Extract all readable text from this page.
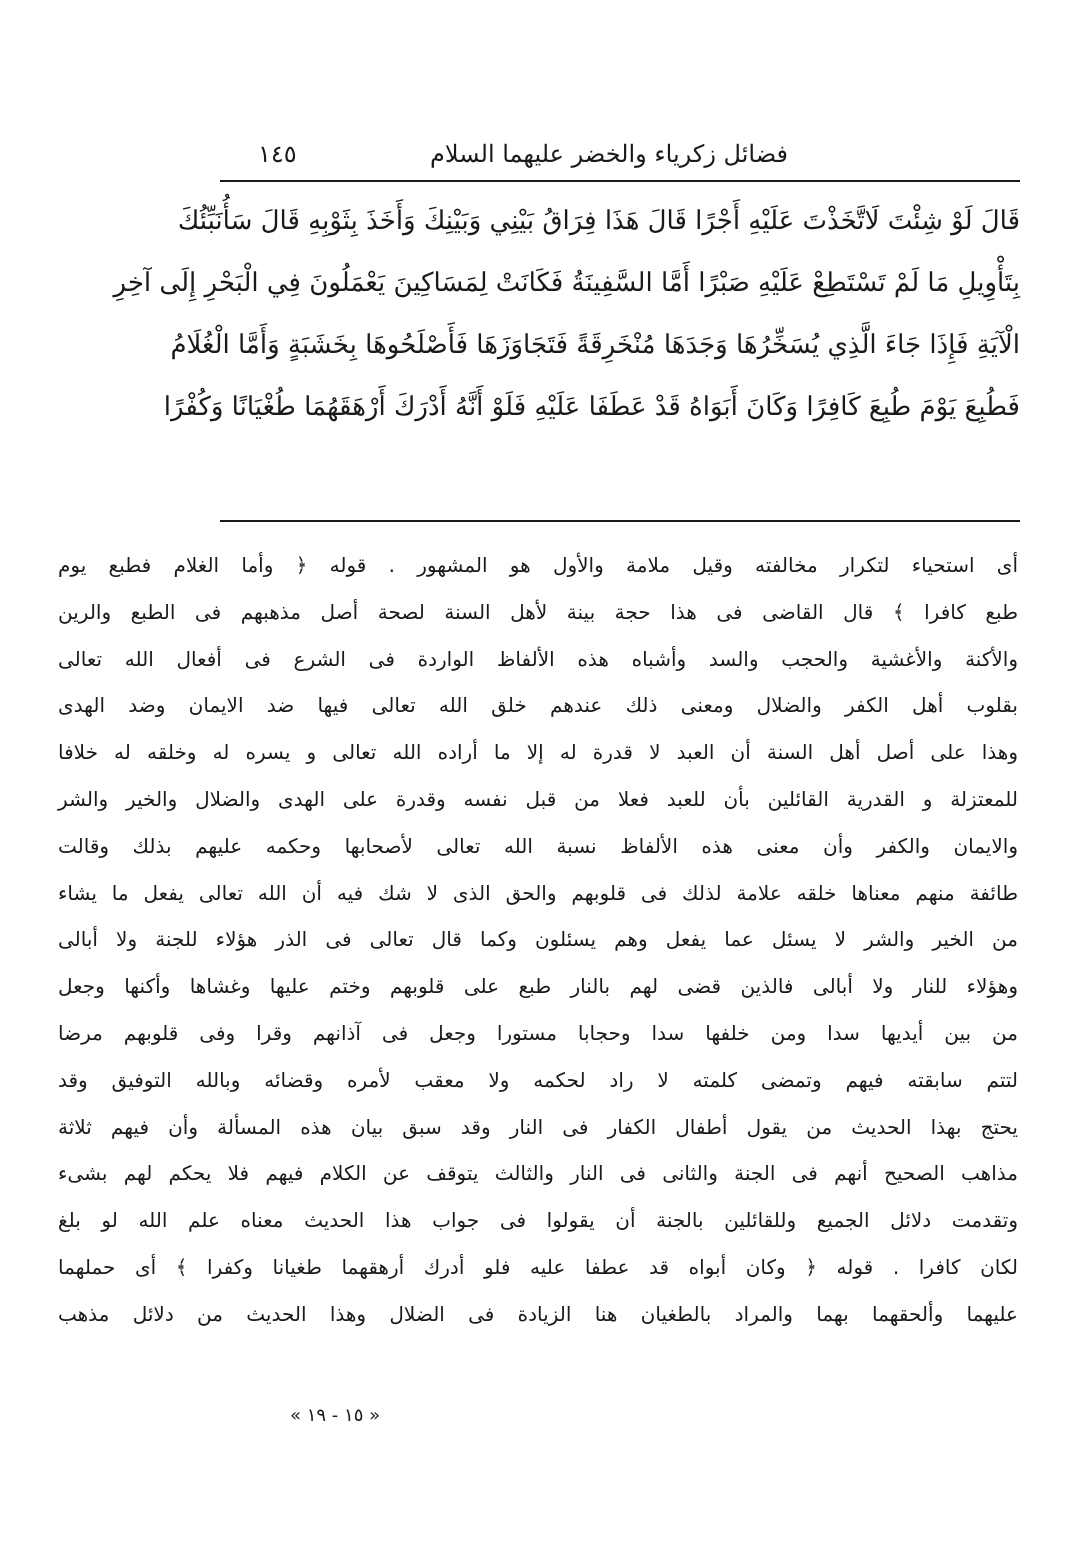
فضائل زكرياء والخضر عليهما السلام
١٤٥
قَالَ لَوْ شِئْتَ لَاتَّخَذْتَ عَلَيْهِ أَجْرًا قَالَ هَذَا فِرَاقُ بَيْنِي وَبَيْنِكَ وَأَخَذَ بِثَوْبِهِ قَالَ سَأُنَبِّئُكَ
بِتَأْوِيلِ مَا لَمْ تَسْتَطِعْ عَلَيْهِ صَبْرًا أَمَّا السَّفِينَةُ فَكَانَتْ لِمَسَاكِينَ يَعْمَلُونَ فِي الْبَحْرِ إِلَى آخِرِ
الْآيَةِ فَإِذَا جَاءَ الَّذِي يُسَخِّرُهَا وَجَدَهَا مُنْخَرِقَةً فَتَجَاوَزَهَا فَأَصْلَحُوهَا بِخَشَبَةٍ وَأَمَّا الْغُلَامُ
فَطُبِعَ يَوْمَ طُبِعَ كَافِرًا وَكَانَ أَبَوَاهُ قَدْ عَطَفَا عَلَيْهِ فَلَوْ أَنَّهُ أَدْرَكَ أَرْهَقَهُمَا طُغْيَانًا وَكُفْرًا
أى استحياء لتكرار مخالفته وقيل ملامة والأول هو المشهور . قوله ﴿ وأما الغلام فطبع يوم
طبع كافرا ﴾ قال القاضى فى هذا حجة بينة لأهل السنة لصحة أصل مذهبهم فى الطبع والرين
والأكنة والأغشية والحجب والسد وأشباه هذه الألفاظ الواردة فى الشرع فى أفعال الله تعالى
بقلوب أهل الكفر والضلال ومعنى ذلك عندهم خلق الله تعالى فيها ضد الايمان وضد الهدى
وهذا على أصل أهل السنة أن العبد لا قدرة له إلا ما أراده الله تعالى و يسره له وخلقه له خلافا
للمعتزلة و القدرية القائلين بأن للعبد فعلا من قبل نفسه وقدرة على الهدى والضلال والخير والشر
والايمان والكفر وأن معنى هذه الألفاظ نسبة الله تعالى لأصحابها وحكمه عليهم بذلك وقالت
طائفة منهم معناها خلقه علامة لذلك فى قلوبهم والحق الذى لا شك فيه أن الله تعالى يفعل ما يشاء
من الخير والشر لا يسئل عما يفعل وهم يسئلون وكما قال تعالى فى الذر هؤلاء للجنة ولا أبالى
وهؤلاء للنار ولا أبالى فالذين قضى لهم بالنار طبع على قلوبهم وختم عليها وغشاها وأكنها وجعل
من بين أيديها سدا ومن خلفها سدا وحجابا مستورا وجعل فى آذانهم وقرا وفى قلوبهم مرضا
لتتم سابقته فيهم وتمضى كلمته لا راد لحكمه ولا معقب لأمره وقضائه وبالله التوفيق وقد
يحتج بهذا الحديث من يقول أطفال الكفار فى النار وقد سبق بيان هذه المسألة وأن فيهم ثلاثة
مذاهب الصحيح أنهم فى الجنة والثانى فى النار والثالث يتوقف عن الكلام فيهم فلا يحكم لهم بشىء
وتقدمت دلائل الجميع وللقائلين بالجنة أن يقولوا فى جواب هذا الحديث معناه علم الله لو بلغ
لكان كافرا . قوله ﴿ وكان أبواه قد عطفا عليه فلو أدرك أرهقهما طغيانا وكفرا ﴾ أى حملهما
عليهما وألحقهما بهما والمراد بالطغيان هنا الزيادة فى الضلال وهذا الحديث من دلائل مذهب
« ١٥ - ١٩ »
